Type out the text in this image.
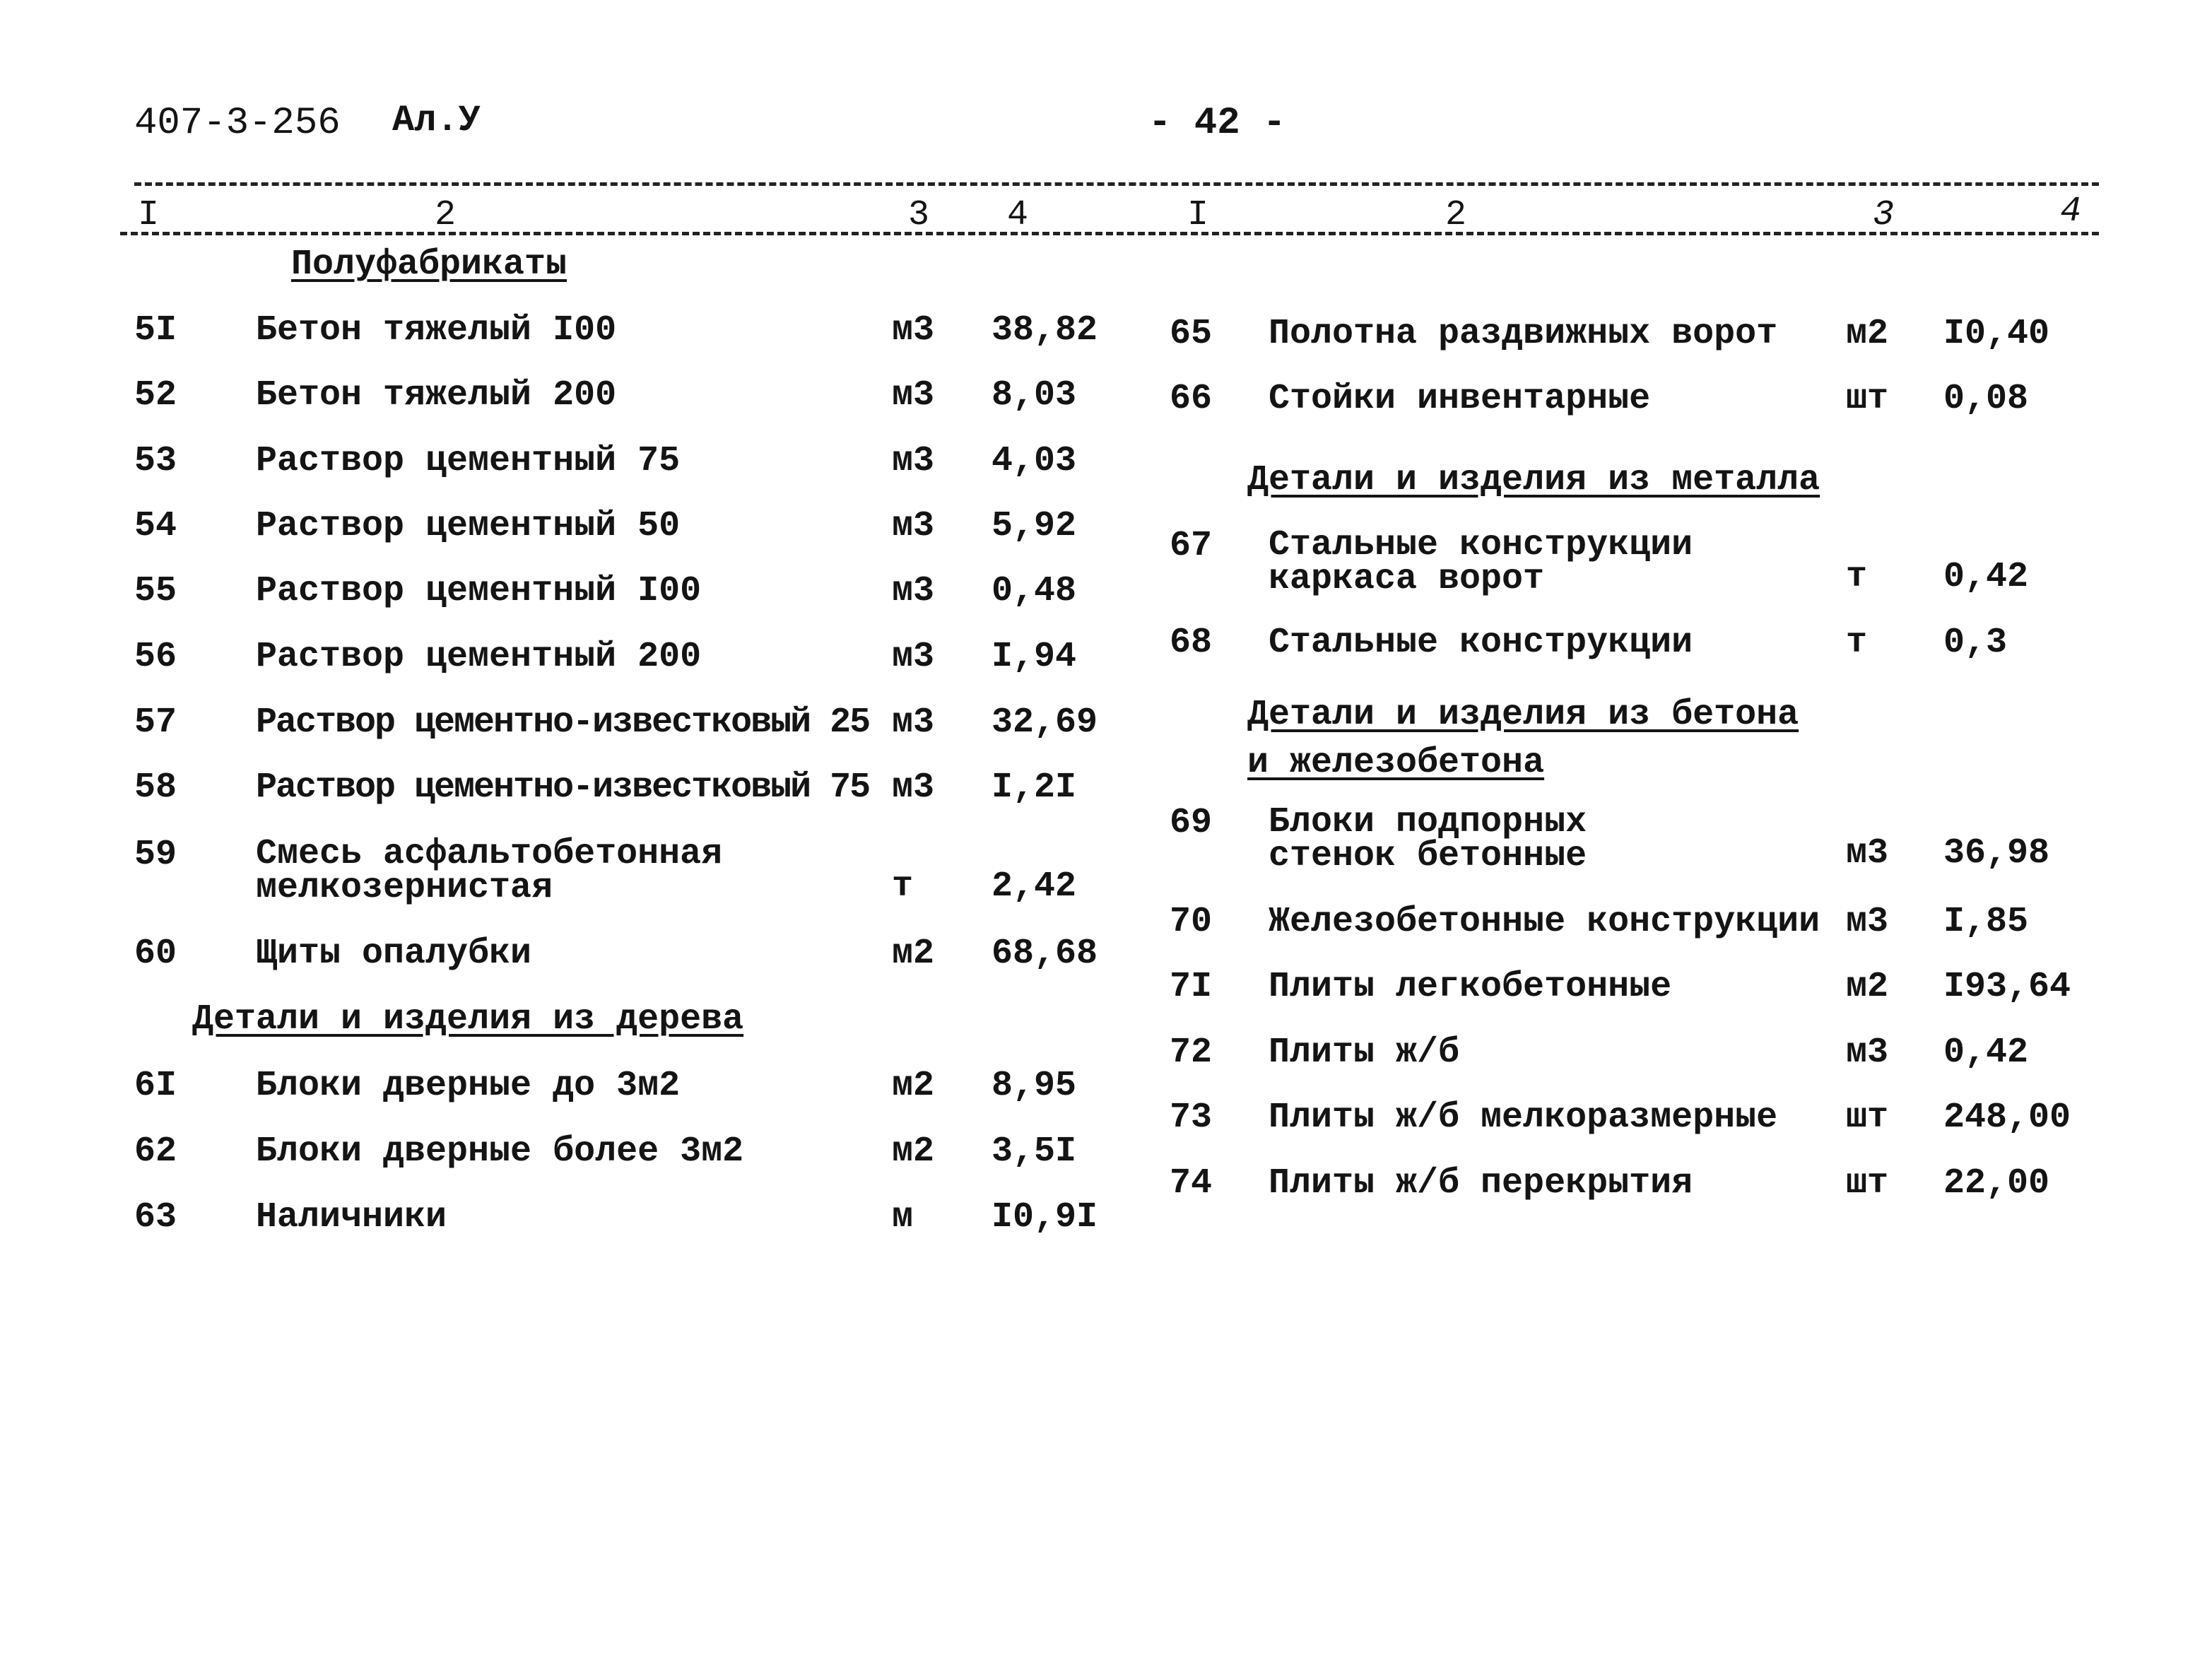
407-3-256 Ал.У	- 42 -
I	2	3 4	I	2	3	4
Полуфабрикаты
5I Бетон тяжелый I00	м3 38,82
52 Бетон тяжелый 200	м3 8,03
53 Раствор цементный 75	м3 4,03
54 Раствор цементный 50	м3 5,92
55 Раствор цементный I00	м3 0,48
56 Раствор цементный 200	м3 I,94
57 Раствор цементно-известковый 25 м3 32,69
58 Раствор цементно-известковый 75 м3 I,2I
59 Смесь асфальтобетонная мелкозернистая	т 2,42
60 Щиты опалубки	м2 68,68
Детали и изделия из дерева
6I Блоки дверные до 3м2	м2 8,95
62 Блоки дверные более 3м2	м2 3,5I
63 Наличники	м I0,9I
65 Полотна раздвижных ворот м2 I0,40
66 Стойки инвентарные	шт 0,08
Детали и изделия из металла
67 Стальные конструкции каркаса ворот	т 0,42
68 Стальные конструкции	т 0,3
Детали и изделия из бетона и железобетона
69 Блоки подпорных стенок бетонные	м3 36,98
70 Железобетонные конструкции м3 I,85
7I Плиты легкобетонные	м2 I93,64
72 Плиты ж/б	м3 0,42
73 Плиты ж/б мелкоразмерные шт 248,00
74 Плиты ж/б перекрытия	шт 22,00
